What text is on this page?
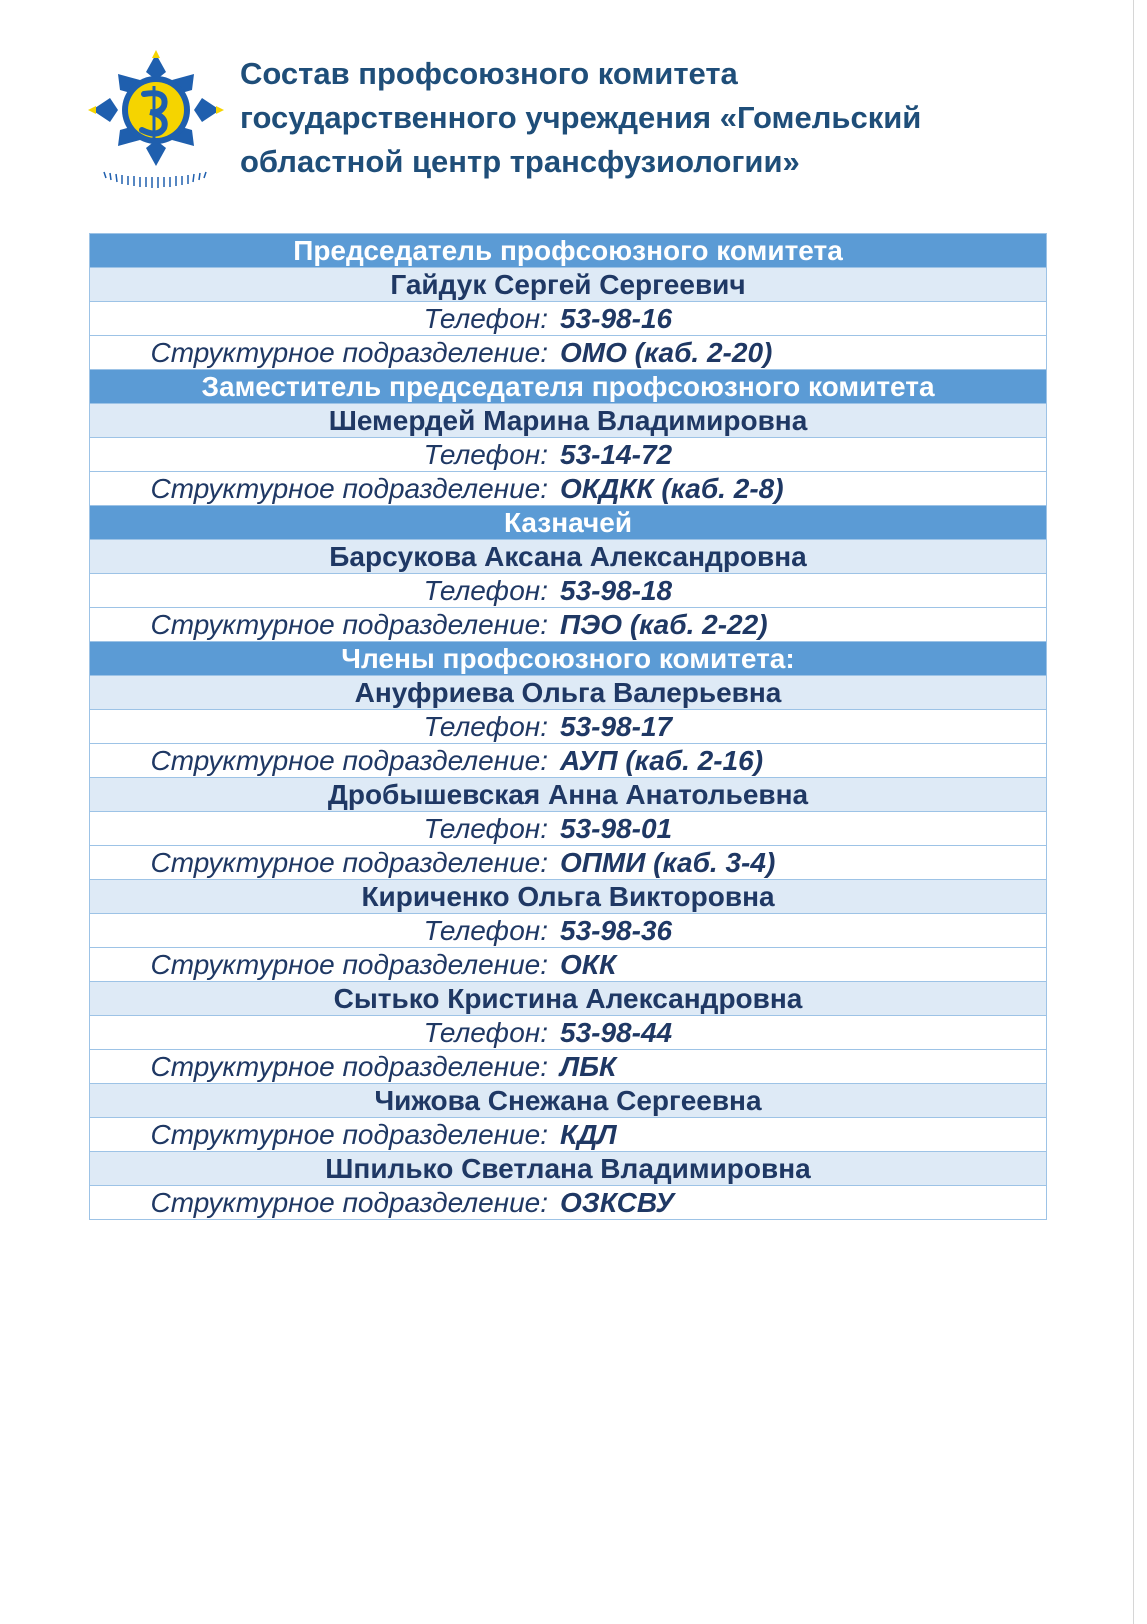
Состав профсоюзного комитета
государственного учреждения «Гомельский
областной центр трансфузиологии»
Председатель профсоюзного комитета
Гайдук Сергей Сергеевич
Телефон: 53-98-16
Структурное подразделение: ОМО (каб. 2-20)
Заместитель председателя профсоюзного комитета
Шемердей Марина Владимировна
Телефон: 53-14-72
Структурное подразделение: ОКДКК (каб. 2-8)
Казначей
Барсукова Аксана Александровна
Телефон: 53-98-18
Структурное подразделение: ПЭО (каб. 2-22)
Члены профсоюзного комитета:
Ануфриева Ольга Валерьевна
Телефон: 53-98-17
Структурное подразделение: АУП (каб. 2-16)
Дробышевская Анна Анатольевна
Телефон: 53-98-01
Структурное подразделение: ОПМИ (каб. 3-4)
Кириченко Ольга Викторовна
Телефон: 53-98-36
Структурное подразделение: ОКК
Сытько Кристина Александровна
Телефон: 53-98-44
Структурное подразделение: ЛБК
Чижова Снежана Сергеевна
Структурное подразделение: КДЛ
Шпилько Светлана Владимировна
Структурное подразделение: ОЗКСВУ
